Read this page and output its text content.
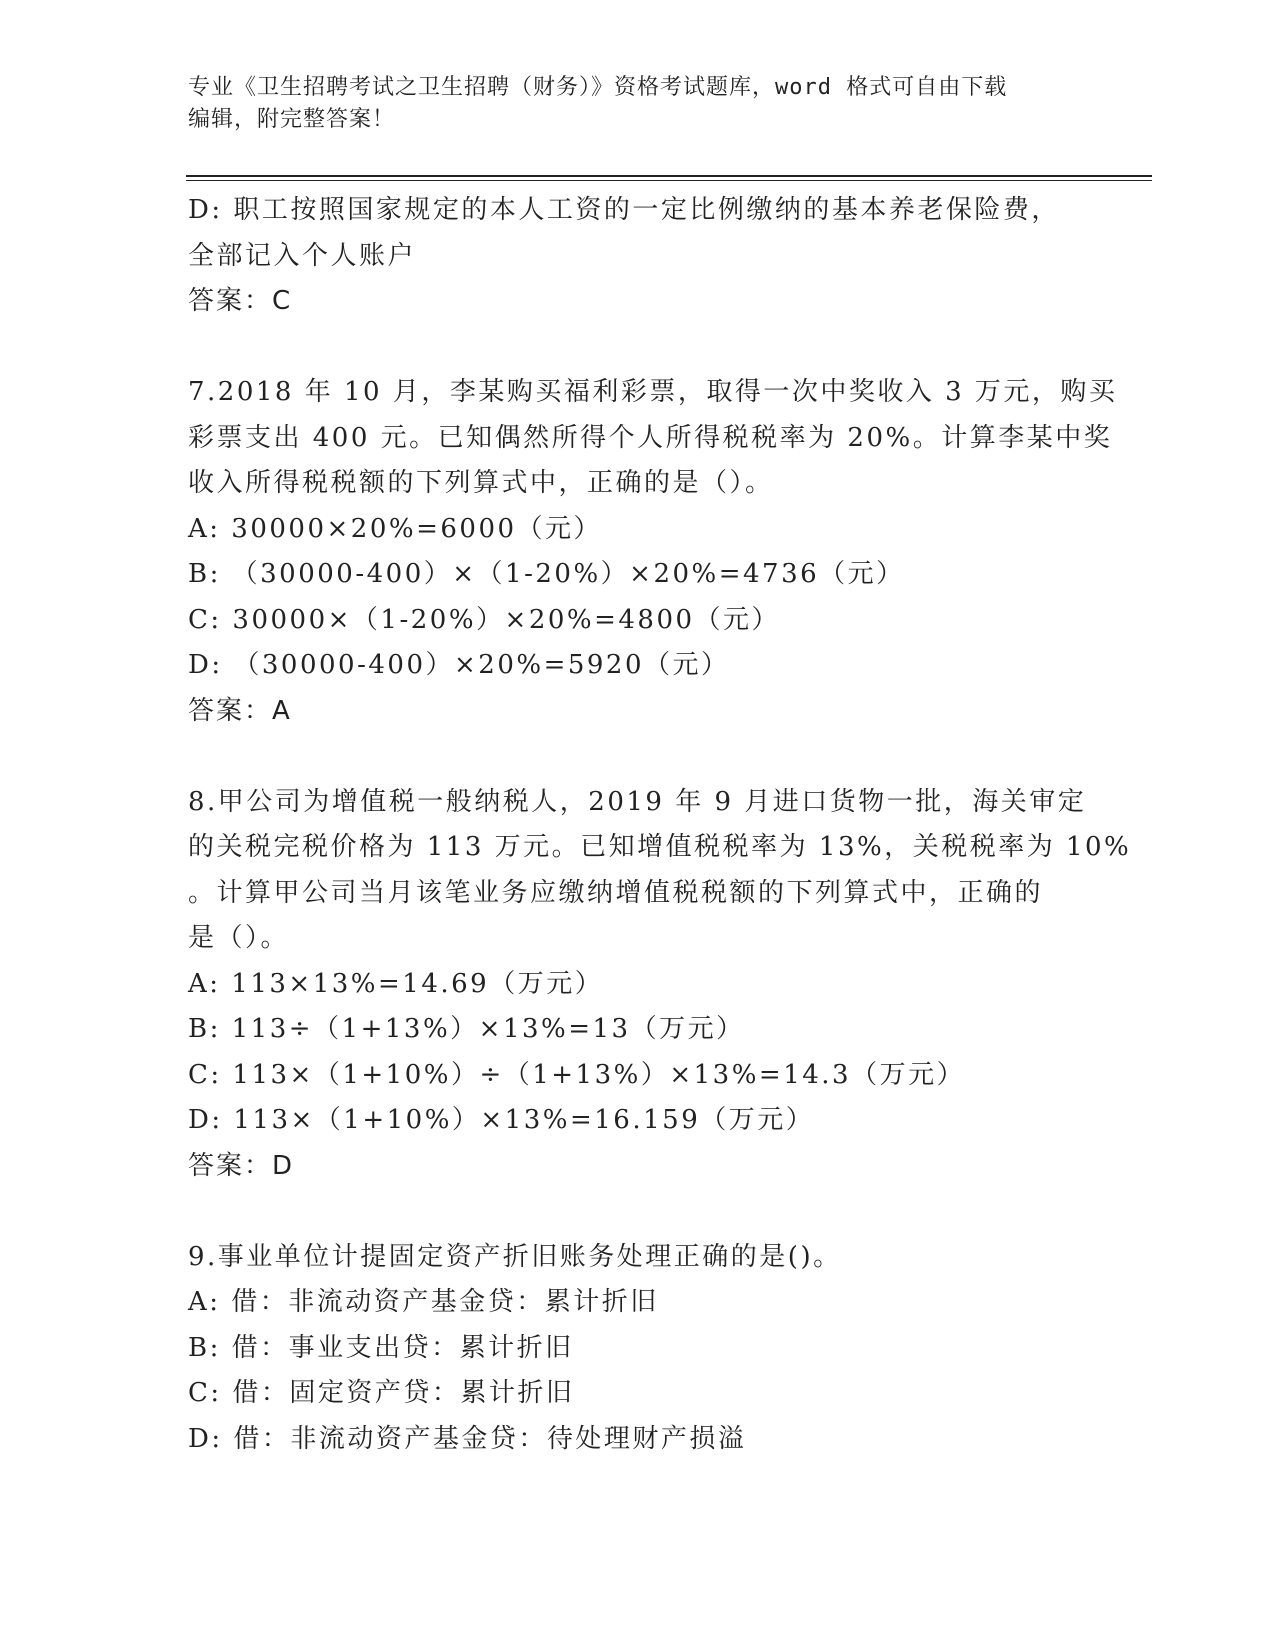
专业《卫生招聘考试之卫生招聘（财务）》资格考试题库，word 格式可自由下载
编辑，附完整答案！
D: 职工按照国家规定的本人工资的一定比例缴纳的基本养老保险费，
全部记入个人账户
答案：C
7.2018 年 10 月，李某购买福利彩票，取得一次中奖收入 3 万元，购买
彩票支出 400 元。已知偶然所得个人所得税税率为 20%。计算李某中奖
收入所得税税额的下列算式中，正确的是（）。
A: 30000×20%=6000（元）
B: （30000-400）×（1-20%）×20%=4736（元）
C: 30000×（1-20%）×20%=4800（元）
D: （30000-400）×20%=5920（元）
答案：A
8.甲公司为增值税一般纳税人，2019 年 9 月进口货物一批，海关审定
的关税完税价格为 113 万元。已知增值税税率为 13%，关税税率为 10%
。计算甲公司当月该笔业务应缴纳增值税税额的下列算式中，正确的
是（）。
A: 113×13%=14.69（万元）
B: 113÷（1+13%）×13%=13（万元）
C: 113×（1+10%）÷（1+13%）×13%=14.3（万元）
D: 113×（1+10%）×13%=16.159（万元）
答案：D
9.事业单位计提固定资产折旧账务处理正确的是()。
A: 借：非流动资产基金贷：累计折旧
B: 借：事业支出贷：累计折旧
C: 借：固定资产贷：累计折旧
D: 借：非流动资产基金贷：待处理财产损溢
